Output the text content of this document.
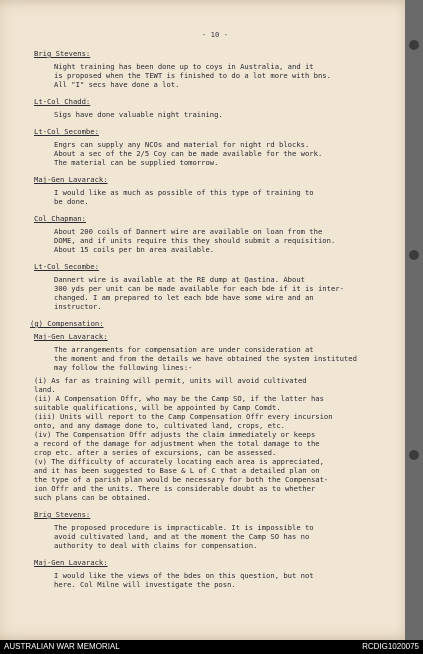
- 10 -
Brig Stevens:
Night training has been done up to coys in Australia, and it
is proposed when the TEWT is finished to do a lot more with bns.
All "I" secs have done a lot.
Lt-Col Chadd:
Sigs have done valuable night training.
Lt-Col Secombe:
Engrs can supply any NCOs and material for night rd blocks.
About a sec of the 2/5 Coy can be made available for the work.
The material can be supplied tomorrow.
Maj-Gen Lavarack:
I would like as much as possible of this type of training to
be done.
Col Chapman:
About 200 coils of Dannert wire are available on loan from the
DOME, and if units require this they should submit a requisition.
About 15 coils per bn area available.
Lt-Col Secombe:
Dannert wire is available at the RE dump at Qastina. About
300 yds per unit can be made available for each bde if it is inter-
changed. I am prepared to let each bde have some wire and an
instructor.
(g) Compensation:
Maj-Gen Lavarack:
The arrangements for compensation are under consideration at
the moment and from the details we have obtained the system instituted
may follow the following lines:-
(i) As far as training will permit, units will avoid cultivated
land.
(ii) A Compensation Offr, who may be the Camp SO, if the latter has
suitable qualifications, will be appointed by Camp Comdt.
(iii) Units will report to the Camp Compensation Offr every incursion
onto, and any damage done to, cultivated land, crops, etc.
(iv) The Compensation Offr adjusts the claim immediately or keeps
a record of the damage for adjustment when the total damage to the
crop etc. after a series of excursions, can be assessed.
(v) The difficulty of accurately locating each area is appreciated,
and it has been suggested to Base & L of C that a detailed plan on
the type of a parish plan would be necessary for both the Compensat-
ion Offr and the units. There is considerable doubt as to whether
such plans can be obtained.
Brig Stevens:
The proposed procedure is impracticable. It is impossible to
avoid cultivated land, and at the moment the Camp SO has no
authority to deal with claims for compensation.
Maj-Gen Lavarack:
I would like the views of the bdes on this question, but not
here. Col Milne will investigate the posn.
AUSTRALIAN WAR MEMORIAL	RCDIG1020075
